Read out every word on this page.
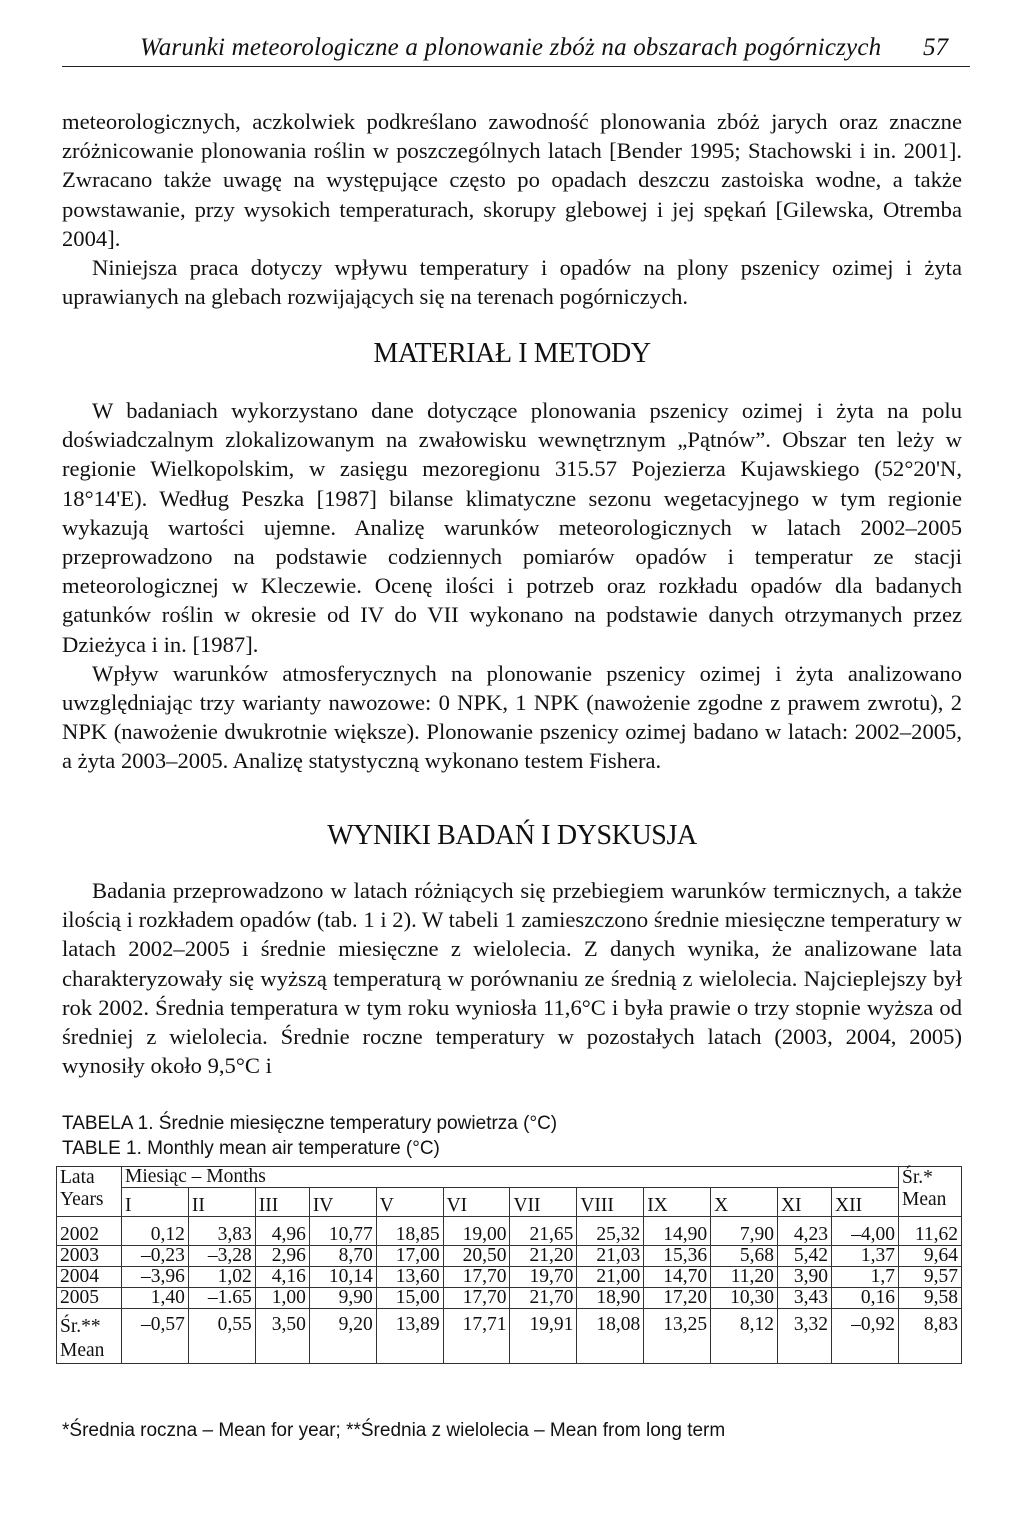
Warunki meteorologiczne a plonowanie zbóż na obszarach pogórniczych 57

meteorologicznych, aczkolwiek podkreślano zawodność plonowania zbóż jarych oraz znaczne zróżnicowanie plonowania roślin w poszczególnych latach [Bender 1995; Stachowski i in. 2001]. Zwracano także uwagę na występujące często po opadach deszczu zastoiska wodne, a także powstawanie, przy wysokich temperaturach, skorupy glebowej i jej spękań [Gilewska, Otremba 2004].

Niniejsza praca dotyczy wpływu temperatury i opadów na plony pszenicy ozimej i żyta uprawianych na glebach rozwijających się na terenach pogórniczych.

MATERIAŁ I METODY

W badaniach wykorzystano dane dotyczące plonowania pszenicy ozimej i żyta na polu doświadczalnym zlokalizowanym na zwałowisku wewnętrznym „Pątnów”. Obszar ten leży w regionie Wielkopolskim, w zasięgu mezoregionu 315.57 Pojezierza Kujawskiego (52°20'N, 18°14'E). Według Peszka [1987] bilanse klimatyczne sezonu wegetacyjnego w tym regionie wykazują wartości ujemne. Analizę warunków meteorologicznych w latach 2002–2005 przeprowadzono na podstawie codziennych pomiarów opadów i temperatur ze stacji meteorologicznej w Kleczewie. Ocenę ilości i potrzeb oraz rozkładu opadów dla badanych gatunków roślin w okresie od IV do VII wykonano na podstawie danych otrzymanych przez Dzieżyca i in. [1987].

Wpływ warunków atmosferycznych na plonowanie pszenicy ozimej i żyta analizowano uwzględniając trzy warianty nawozowe: 0 NPK, 1 NPK (nawożenie zgodne z prawem zwrotu), 2 NPK (nawożenie dwukrotnie większe). Plonowanie pszenicy ozimej badano w latach: 2002–2005, a żyta 2003–2005. Analizę statystyczną wykonano testem Fishera.

WYNIKI BADAŃ I DYSKUSJA

Badania przeprowadzono w latach różniących się przebiegiem warunków termicznych, a także ilością i rozkładem opadów (tab. 1 i 2). W tabeli 1 zamieszczono średnie miesięczne temperatury w latach 2002–2005 i średnie miesięczne z wielolecia. Z danych wynika, że analizowane lata charakteryzowały się wyższą temperaturą w porównaniu ze średnią z wielolecia. Najcieplejszy był rok 2002. Średnia temperatura w tym roku wyniosła 11,6°C i była prawie o trzy stopnie wyższa od średniej z wielolecia. Średnie roczne temperatury w pozostałych latach (2003, 2004, 2005) wynosiły około 9,5°C i

TABELA 1. Średnie miesięczne temperatury powietrza (°C)
TABLE 1. Monthly mean air temperature (°C)
Lata
Years	Miesiąc – Months												Śr.*
Mean
	I	II	III	IV	V	VI	VII	VIII	IX	X	XI	XII	
2002	0,12	3,83	4,96	10,77	18,85	19,00	21,65	25,32	14,90	7,90	4,23	–4,00	11,62
2003	–0,23	–3,28	2,96	8,70	17,00	20,50	21,20	21,03	15,36	5,68	5,42	1,37	9,64
2004	–3,96	1,02	4,16	10,14	13,60	17,70	19,70	21,00	14,70	11,20	3,90	1,7	9,57
2005	1,40	–1.65	1,00	9,90	15,00	17,70	21,70	18,90	17,20	10,30	3,43	0,16	9,58
Śr.**
Mean	–0,57	0,55	3,50	9,20	13,89	17,71	19,91	18,08	13,25	8,12	3,32	–0,92	8,83
*Średnia roczna – Mean for year; **Średnia z wielolecia – Mean from long term
